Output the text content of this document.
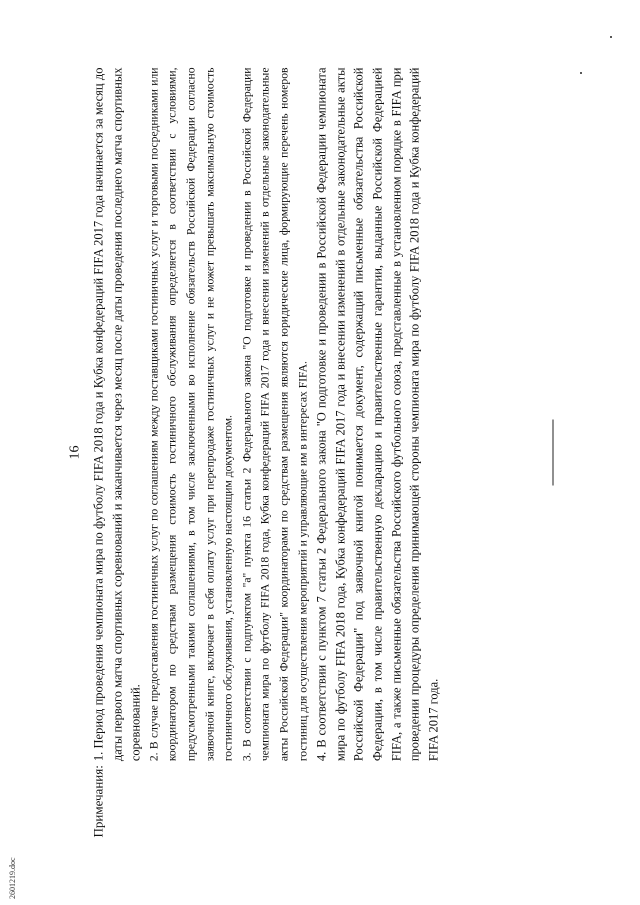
16
Примечания:

1. Период проведения чемпионата мира по футболу FIFA 2018 года и Кубка конфедераций FIFA 2017 года начинается за месяц до даты первого матча спортивных соревнований и заканчивается через месяц после даты проведения последнего матча спортивных соревнований. 2. В случае предоставления гостиничных услуг по соглашениям между поставщиками гостиничных услуг и торговыми посредниками или координатором по средствам размещения стоимость гостиничного обслуживания определяется в соответствии с условиями, предусмотренными такими соглашениями, в том числе заключенными во исполнение обязательств Российской Федерации согласно заявочной книге, включает в себя оплату услуг при перепродаже гостиничных услуг и не может превышать максимальную стоимость гостиничного обслуживания, установленную настоящим документом. 3. В соответствии с подпунктом "а" пункта 16 статьи 2 Федерального закона "О подготовке и проведении в Российской Федерации чемпионата мира по футболу FIFA 2018 года, Кубка конфедераций FIFA 2017 года и внесении изменений в отдельные законодательные акты Российской Федерации" координаторами по средствам размещения являются юридические лица, формирующие перечень номеров гостиниц для осуществления мероприятий и управляющие им в интересах FIFA. 4. В соответствии с пунктом 7 статьи 2 Федерального закона "О подготовке и проведении в Российской Федерации чемпионата мира по футболу FIFA 2018 года, Кубка конфедераций FIFA 2017 года и внесении изменений в отдельные законодательные акты Российской Федерации" под заявочной книгой понимается документ, содержащий письменные обязательства Российской Федерации, в том числе правительственную декларацию и правительственные гарантии, выданные Российской Федерацией FIFA, а также письменные обязательства Российского футбольного союза, представленные в установленном порядке в FIFA при проведении процедуры определения принимающей стороны чемпионата мира по футболу FIFA 2018 года и Кубка конфедераций FIFA 2017 года.

2601219.doc
